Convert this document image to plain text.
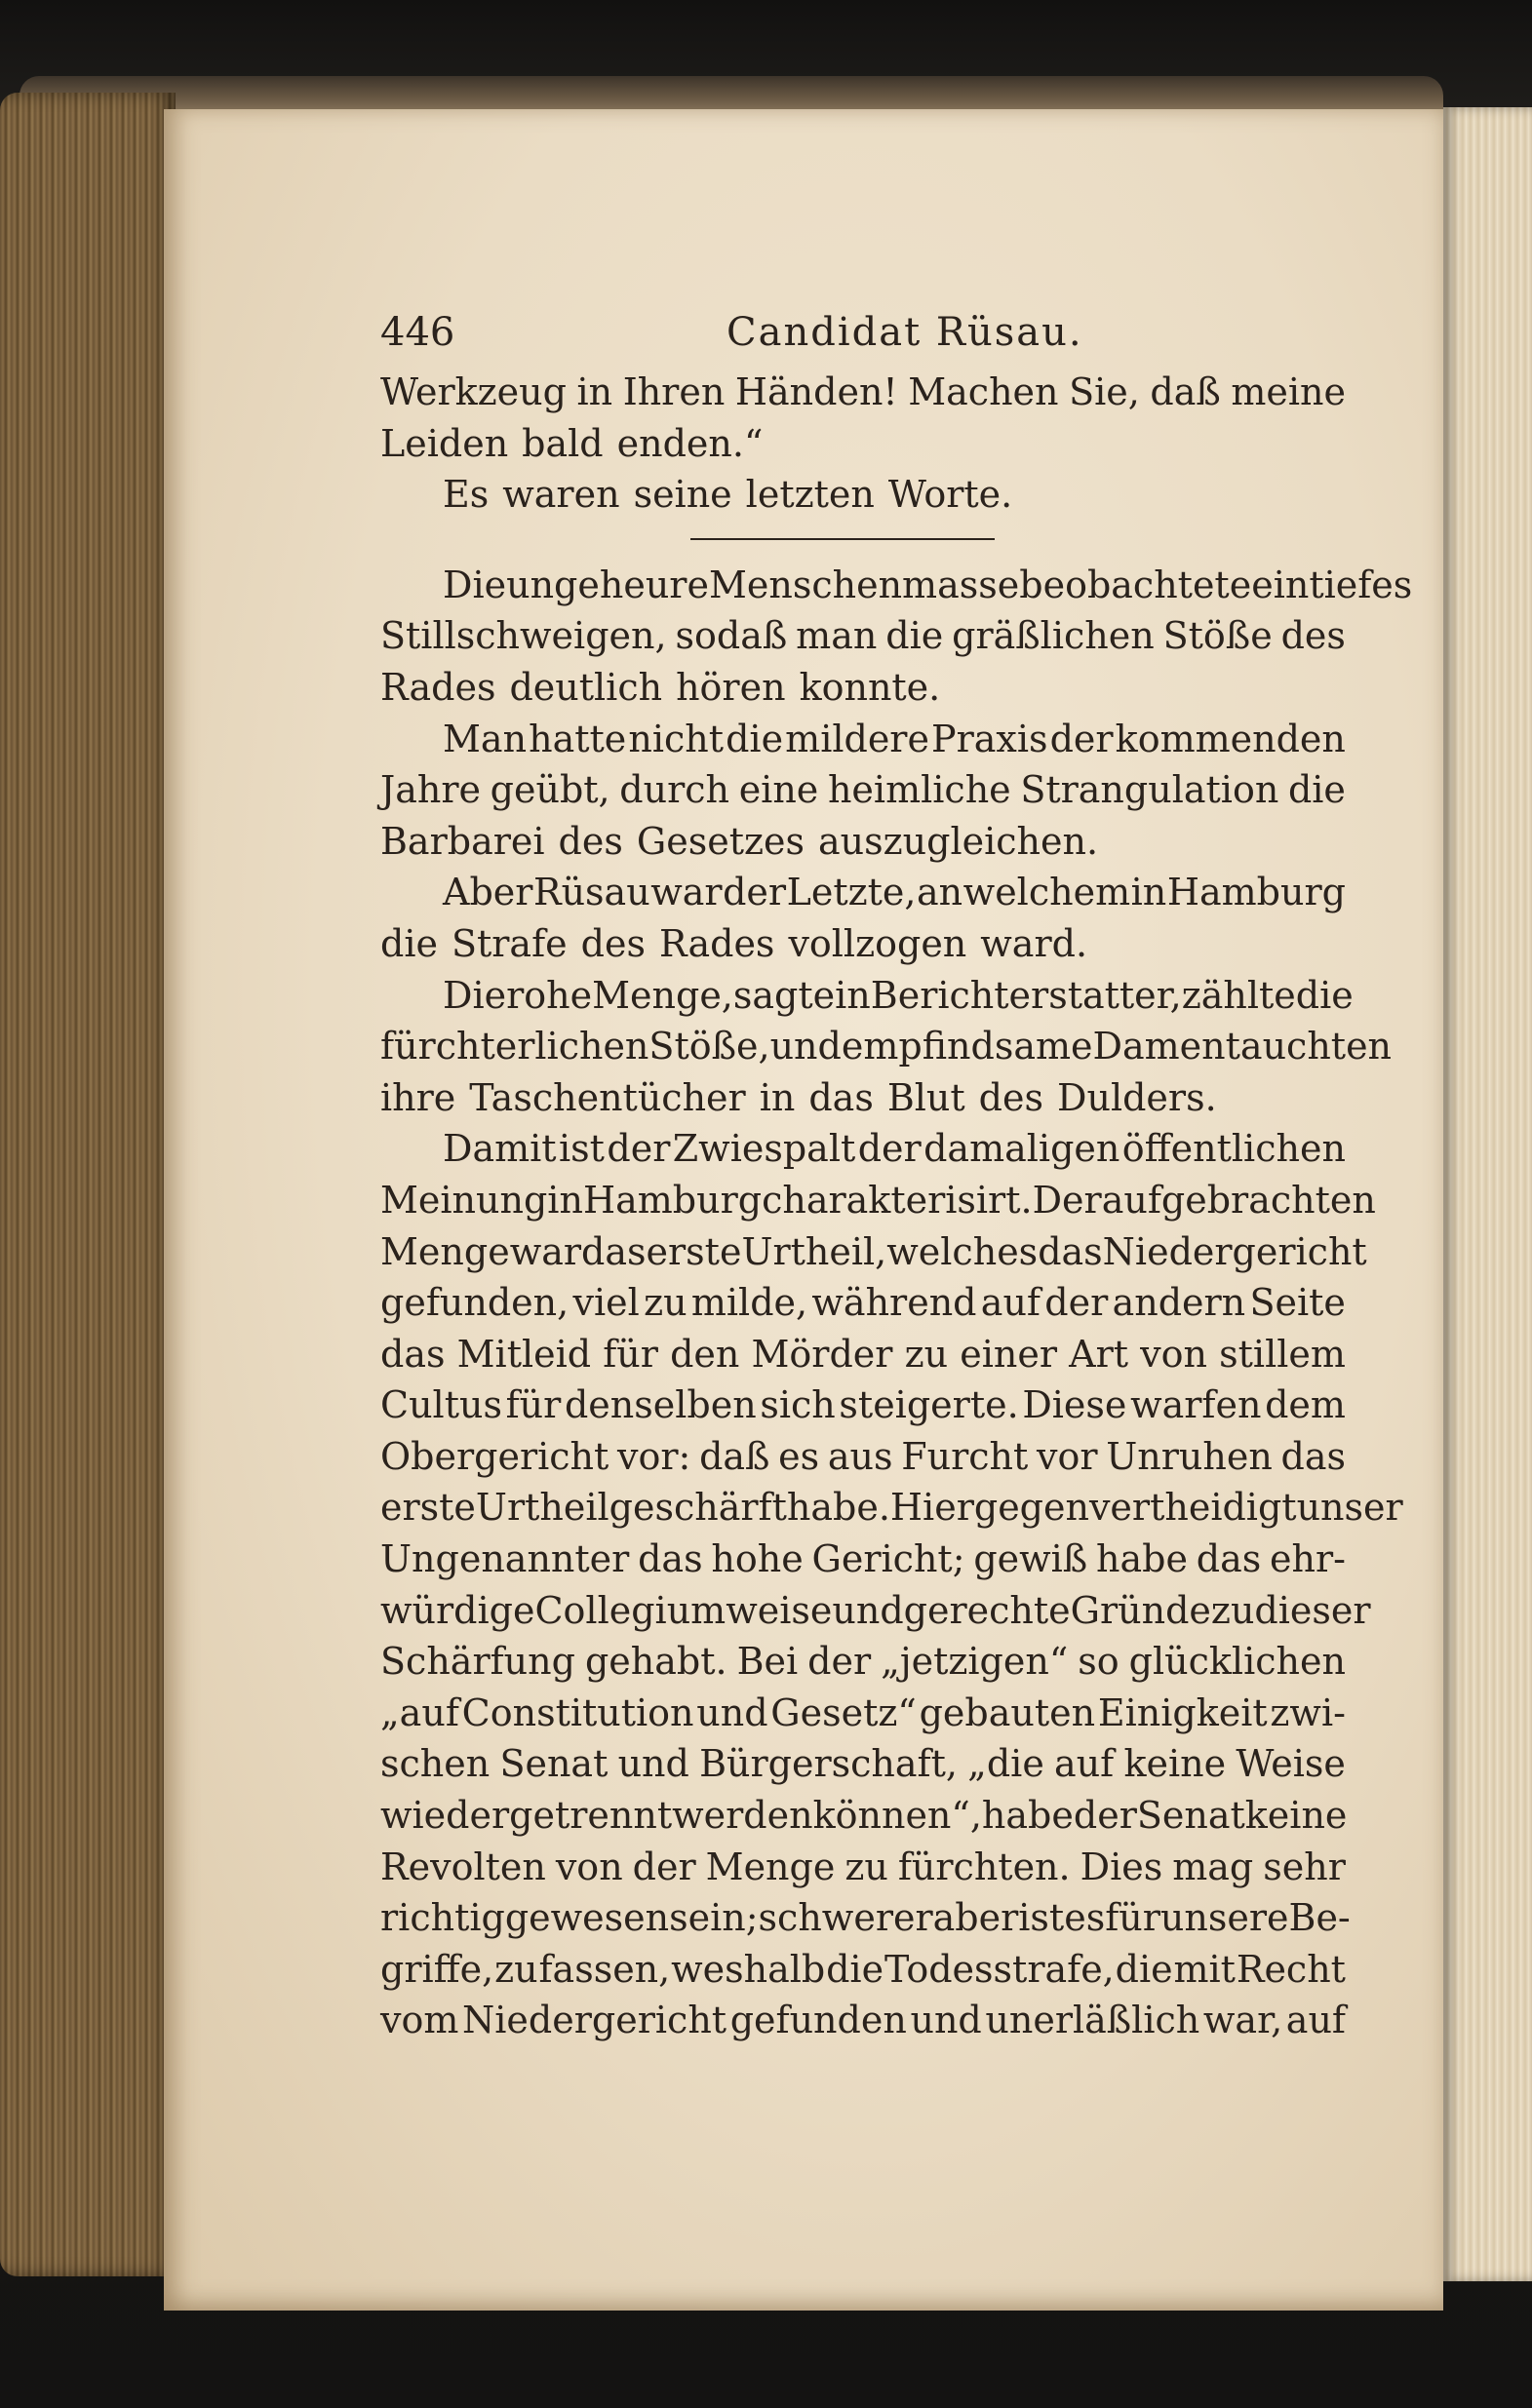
446	Candidat Rüsau.
Werkzeug in Ihren Händen! Machen Sie, daß meine
Leiden bald enden.“
Es waren seine letzten Worte.
Die ungeheure Menschenmasse beobachtete ein tiefes
Stillschweigen, sodaß man die gräßlichen Stöße des
Rades deutlich hören konnte.
Man hatte nicht die mildere Praxis der kommenden
Jahre geübt, durch eine heimliche Strangulation die
Barbarei des Gesetzes auszugleichen.
Aber Rüsau war der Letzte, an welchem in Hamburg
die Strafe des Rades vollzogen ward.
Die rohe Menge, sagt ein Berichterstatter, zählte die
fürchterlichen Stöße, und empfindsame Damen tauchten
ihre Taschentücher in das Blut des Dulders.
Damit ist der Zwiespalt der damaligen öffentlichen
Meinung in Hamburg charakterisirt. Der aufgebrachten
Menge war das erste Urtheil, welches das Niedergericht
gefunden, viel zu milde, während auf der andern Seite
das Mitleid für den Mörder zu einer Art von stillem
Cultus für denselben sich steigerte. Diese warfen dem
Obergericht vor: daß es aus Furcht vor Unruhen das
erste Urtheil geschärft habe. Hiergegen vertheidigt unser
Ungenannter das hohe Gericht; gewiß habe das ehr-
würdige Collegium weise und gerechte Gründe zu dieser
Schärfung gehabt. Bei der „jetzigen“ so glücklichen
„auf Constitution und Gesetz“ gebauten Einigkeit zwi-
schen Senat und Bürgerschaft, „die auf keine Weise
wieder getrennt werden können“, habe der Senat keine
Revolten von der Menge zu fürchten. Dies mag sehr
richtig gewesen sein; schwerer aber ist es für unsere Be-
griffe, zu fassen, weshalb die Todesstrafe, die mit Recht
vom Niedergericht gefunden und unerläßlich war, auf
